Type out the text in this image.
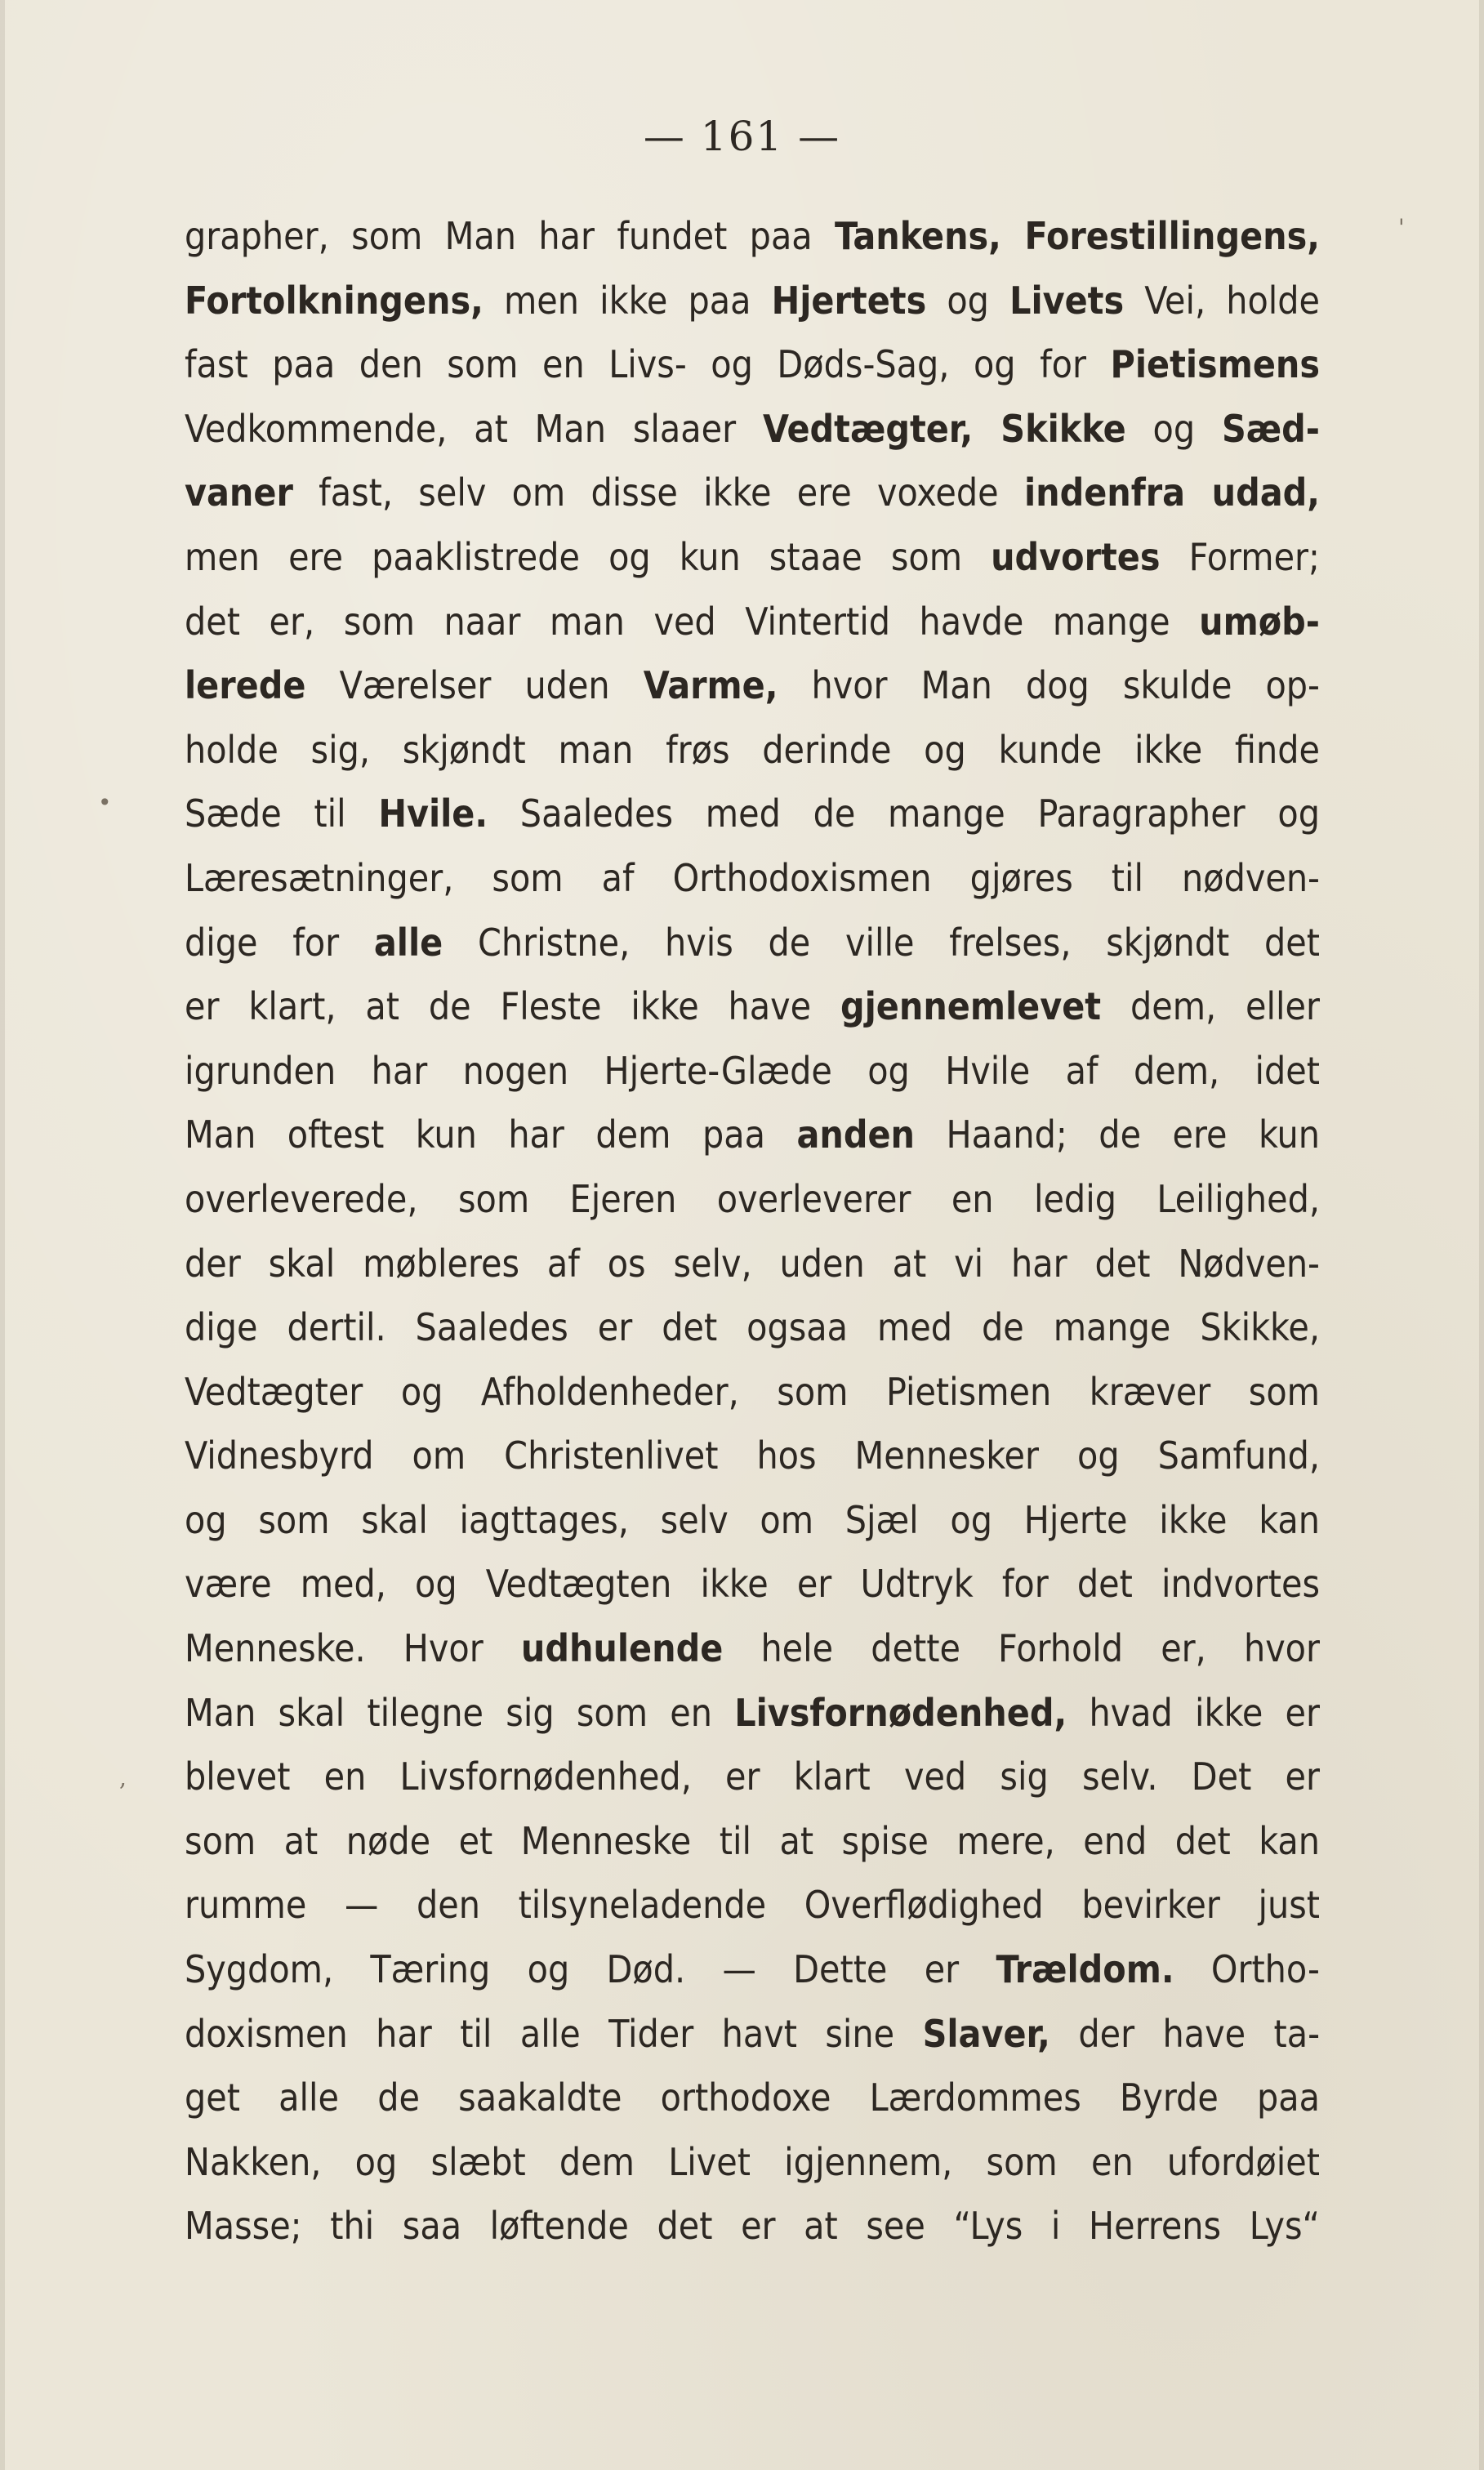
— 161 —
grapher, som Man har fundet paa Tankens, Forestillingens,
Fortolkningens, men ikke paa Hjertets og Livets Vei, holde
fast paa den som en Livs- og Døds-Sag, og for Pietismens
Vedkommende, at Man slaaer Vedtægter, Skikke og Sæd-
vaner fast, selv om disse ikke ere voxede indenfra udad,
men ere paaklistrede og kun staae som udvortes Former;
det er, som naar man ved Vintertid havde mange umøb-
lerede Værelser uden Varme, hvor Man dog skulde op-
holde sig, skjøndt man frøs derinde og kunde ikke finde
Sæde til Hvile. Saaledes med de mange Paragrapher og
Læresætninger, som af Orthodoxismen gjøres til nødven-
dige for alle Christne, hvis de ville frelses, skjøndt det
er klart, at de Fleste ikke have gjennemlevet dem, eller
igrunden har nogen Hjerte-Glæde og Hvile af dem, idet
Man oftest kun har dem paa anden Haand; de ere kun
overleverede, som Ejeren overleverer en ledig Leilighed,
der skal møbleres af os selv, uden at vi har det Nødven-
dige dertil. Saaledes er det ogsaa med de mange Skikke,
Vedtægter og Afholdenheder, som Pietismen kræver som
Vidnesbyrd om Christenlivet hos Mennesker og Samfund,
og som skal iagttages, selv om Sjæl og Hjerte ikke kan
være med, og Vedtægten ikke er Udtryk for det indvortes
Menneske. Hvor udhulende hele dette Forhold er, hvor
Man skal tilegne sig som en Livsfornødenhed, hvad ikke er
blevet en Livsfornødenhed, er klart ved sig selv. Det er
som at nøde et Menneske til at spise mere, end det kan
rumme — den tilsyneladende Overflødighed bevirker just
Sygdom, Tæring og Død. — Dette er Trældom. Ortho-
doxismen har til alle Tider havt sine Slaver, der have ta-
get alle de saakaldte orthodoxe Lærdommes Byrde paa
Nakken, og slæbt dem Livet igjennem, som en ufordøiet
Masse; thi saa løftende det er at see “Lys i Herrens Lys“
'
•
,
